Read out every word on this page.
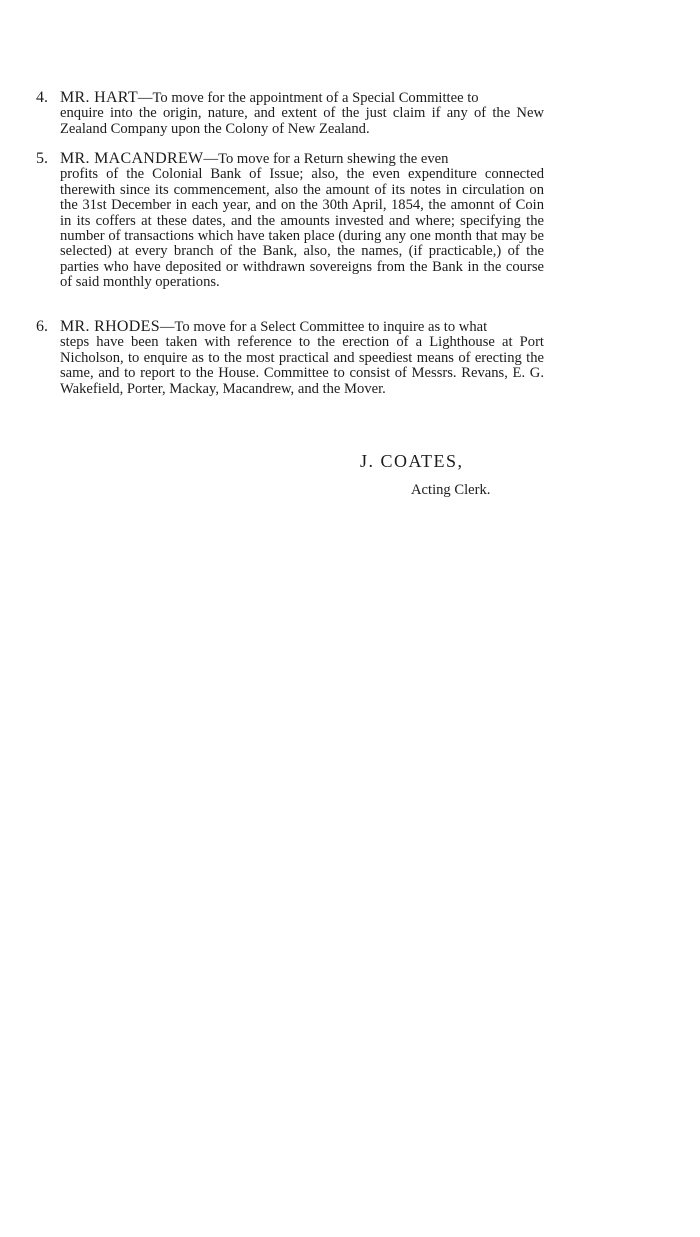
4. MR. HART—To move for the appointment of a Special Committee to
enquire into the origin, nature, and extent of the just claim if any of the New Zealand Company upon the Colony of New Zealand.
5. MR. MACANDREW—To move for a Return shewing the even
profits of the Colonial Bank of Issue; also, the even expenditure connected therewith since its commencement, also the amount of its notes in circulation on the 31st December in each year, and on the 30th April, 1854, the amonnt of Coin in its coffers at these dates, and the amounts invested and where; specifying the number of transactions which have taken place (during any one month that may be selected) at every branch of the Bank, also, the names, (if practicable,) of the parties who have deposited or withdrawn sovereigns from the Bank in the course of said monthly operations.
6. MR. RHODES—To move for a Select Committee to inquire as to what
steps have been taken with reference to the erection of a Lighthouse at Port Nicholson, to enquire as to the most practical and speediest means of erecting the same, and to report to the House. Committee to consist of Messrs. Revans, E. G. Wakefield, Porter, Mackay, Macandrew, and the Mover.
J. COATES,
Acting Clerk.
